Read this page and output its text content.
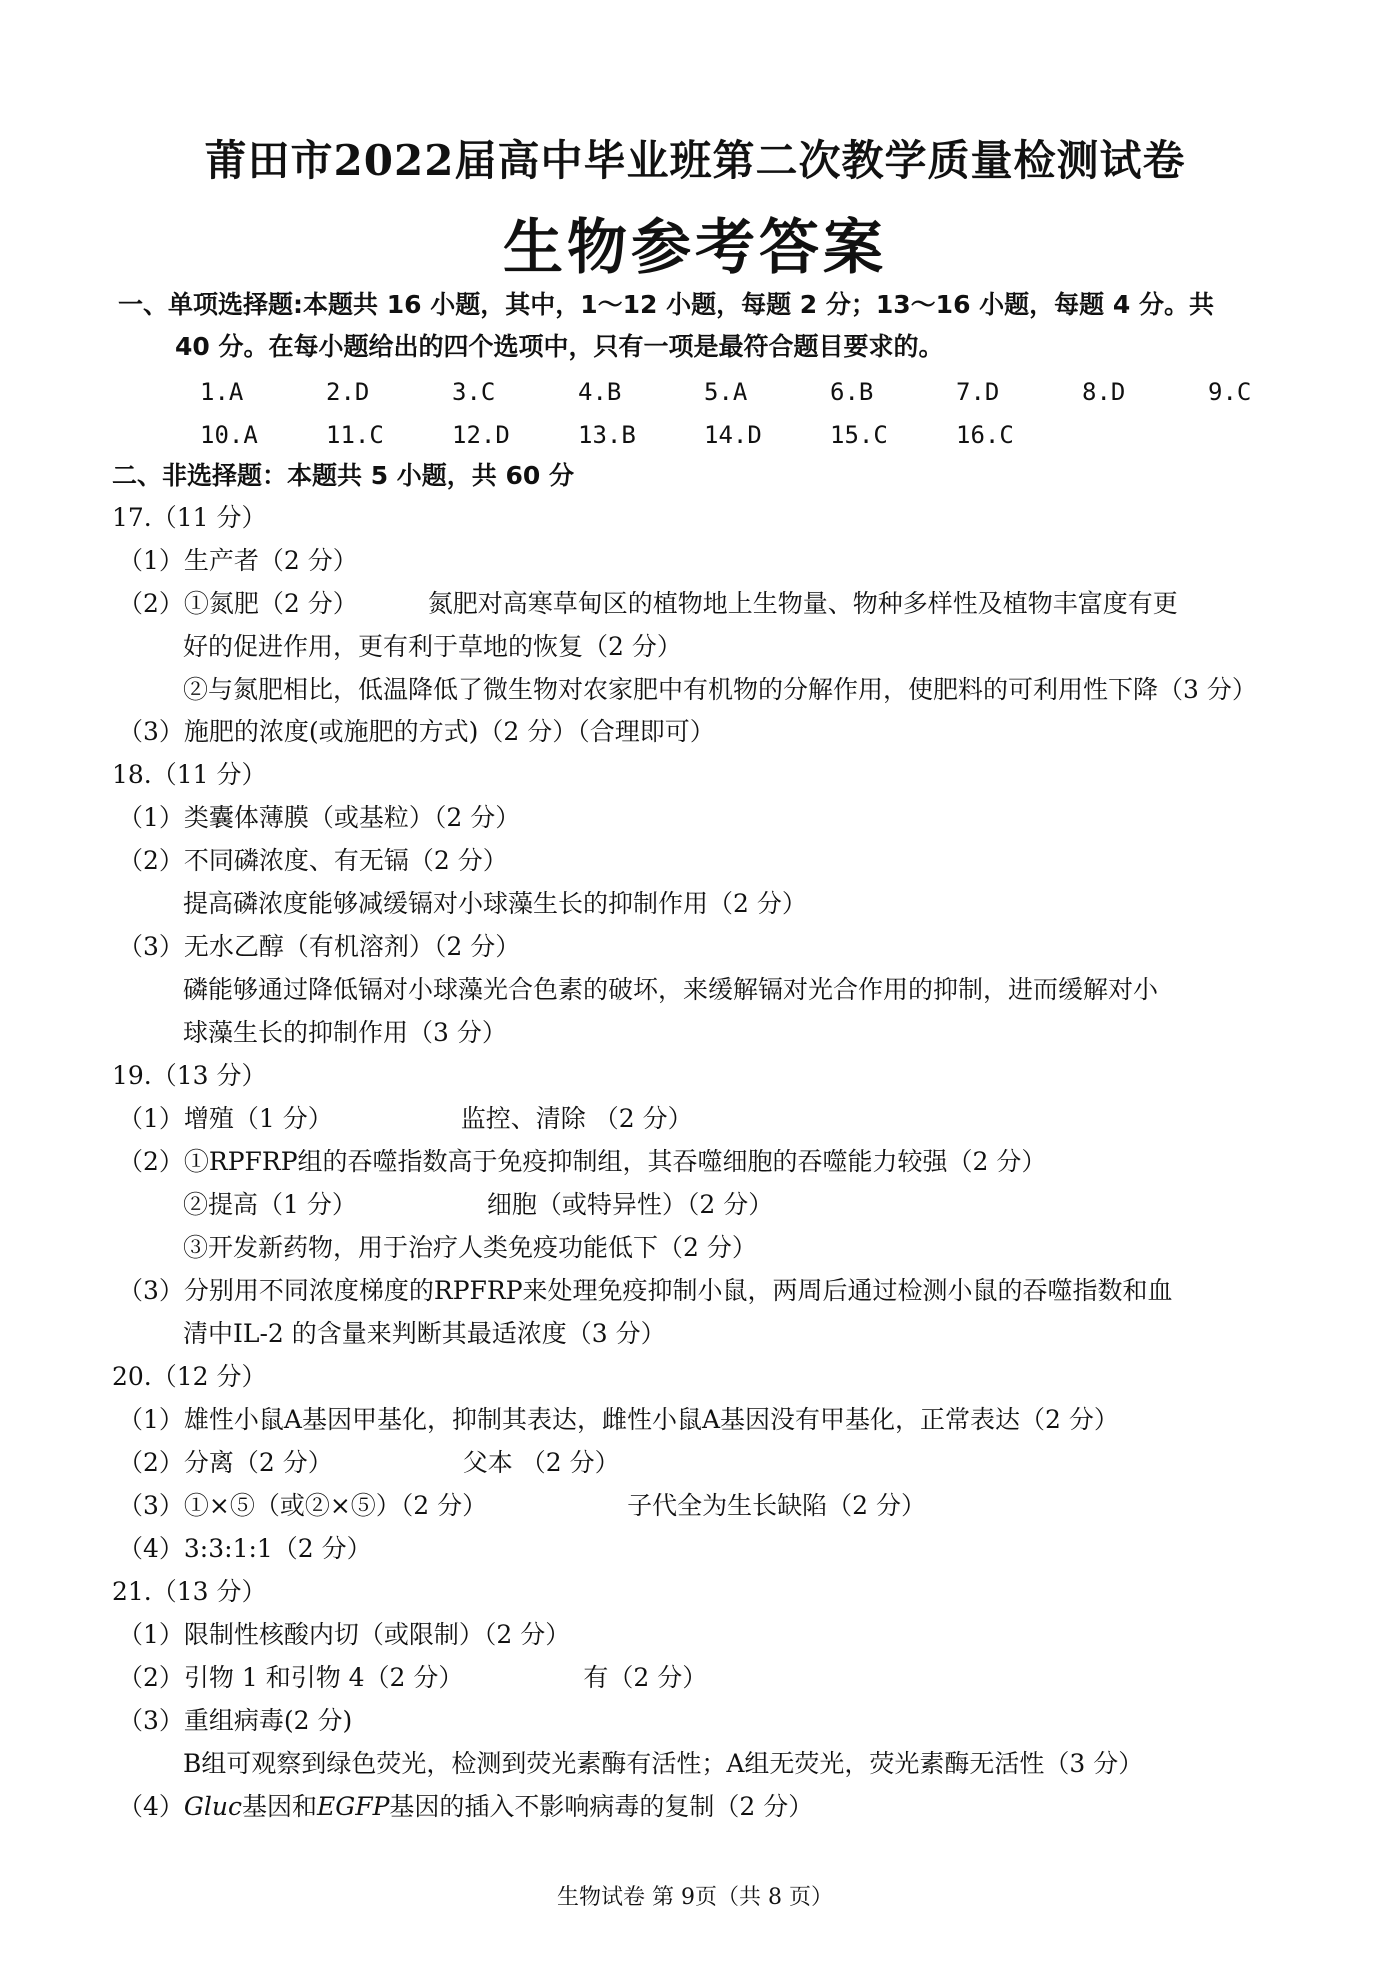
莆田市2022届高中毕业班第二次教学质量检测试卷
生物参考答案
一、单项选择题:本题共 16 小题，其中，1～12 小题，每题 2 分；13～16 小题，每题 4 分。共
40 分。在每小题给出的四个选项中，只有一项是最符合题目要求的。
1.A	2.D	3.C	4.B	5.A	6.B	7.D	8.D	9.C
10.A	11.C	12.D	13.B	14.D	15.C	16.C
二、非选择题：本题共 5 小题，共 60 分
17.（11 分）
（1）生产者（2 分）
（2）①氮肥（2 分）	氮肥对高寒草甸区的植物地上生物量、物种多样性及植物丰富度有更
好的促进作用，更有利于草地的恢复（2 分）
②与氮肥相比，低温降低了微生物对农家肥中有机物的分解作用，使肥料的可利用性下降（3 分）
（3）施肥的浓度(或施肥的方式)（2 分）（合理即可）
18.（11 分）
（1）类囊体薄膜（或基粒）（2 分）
（2）不同磷浓度、有无镉（2 分）
提高磷浓度能够减缓镉对小球藻生长的抑制作用（2 分）
（3）无水乙醇（有机溶剂）（2 分）
磷能够通过降低镉对小球藻光合色素的破坏，来缓解镉对光合作用的抑制，进而缓解对小
球藻生长的抑制作用（3 分）
19.（13 分）
（1）增殖（1 分）	监控、清除 （2 分）
（2）①RPFRP组的吞噬指数高于免疫抑制组，其吞噬细胞的吞噬能力较强（2 分）
②提高（1 分）	细胞（或特异性）（2 分）
③开发新药物，用于治疗人类免疫功能低下（2 分）
（3）分别用不同浓度梯度的RPFRP来处理免疫抑制小鼠，两周后通过检测小鼠的吞噬指数和血
清中IL-2 的含量来判断其最适浓度（3 分）
20.（12 分）
（1）雄性小鼠A基因甲基化，抑制其表达，雌性小鼠A基因没有甲基化，正常表达（2 分）
（2）分离（2 分）	父本 （2 分）
（3）①×⑤（或②×⑤）（2 分）	子代全为生长缺陷（2 分）
（4）3:3:1:1（2 分）
21.（13 分）
（1）限制性核酸内切（或限制）（2 分）
（2）引物 1 和引物 4（2 分）	有（2 分）
（3）重组病毒(2 分)
B组可观察到绿色荧光，检测到荧光素酶有活性；A组无荧光，荧光素酶无活性（3 分）
（4）Gluc基因和EGFP基因的插入不影响病毒的复制（2 分）
生物试卷 第 9页（共 8 页）
